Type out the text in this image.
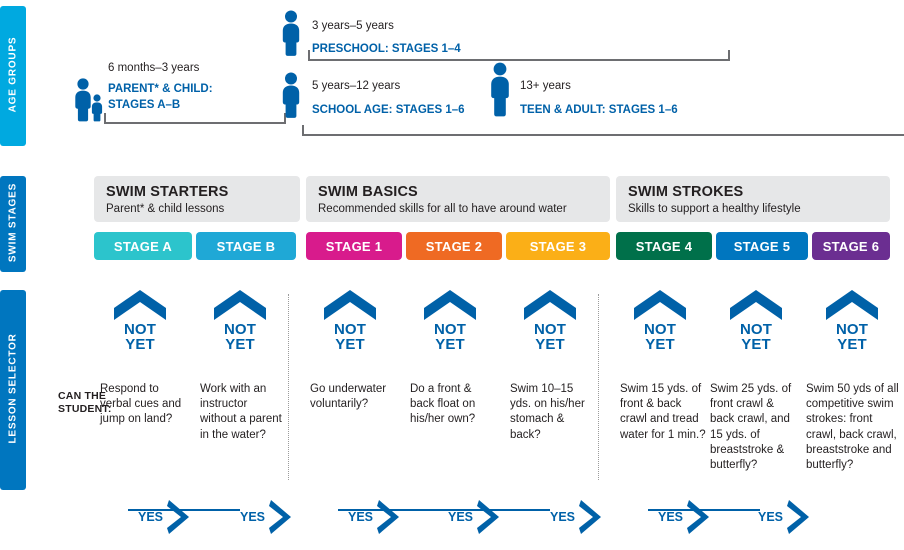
AGE GROUPS
SWIM STAGES
LESSON SELECTOR
3 years–5 years
PRESCHOOL: STAGES 1–4
6 months–3 years
PARENT* & CHILD:
STAGES A–B
5 years–12 years
SCHOOL AGE: STAGES 1–6
13+ years
TEEN & ADULT: STAGES 1–6
SWIM STARTERS
Parent* & child lessons
SWIM BASICS
Recommended skills for all to have around water
SWIM STROKES
Skills to support a healthy lifestyle
STAGE A	STAGE B	STAGE 1	STAGE 2	STAGE 3	STAGE 4	STAGE 5	STAGE 6
CAN THE
STUDENT:
NOT
YET
NOT
YET
NOT
YET
NOT
YET
NOT
YET
NOT
YET
NOT
YET
NOT
YET
Respond to verbal cues and jump on land?
Work with an instructor without a parent in the water?
Go underwater voluntarily?
Do a front & back float on his/her own?
Swim 10–15 yds. on his/her stomach & back?
Swim 15 yds. of front & back crawl and tread water for 1 min.?
Swim 25 yds. of front crawl & back crawl, and 15 yds. of breaststroke & butterfly?
Swim 50 yds of all competitive swim strokes: front crawl, back crawl, breaststroke and butterfly?
YES	YES	YES	YES	YES	YES	YES
